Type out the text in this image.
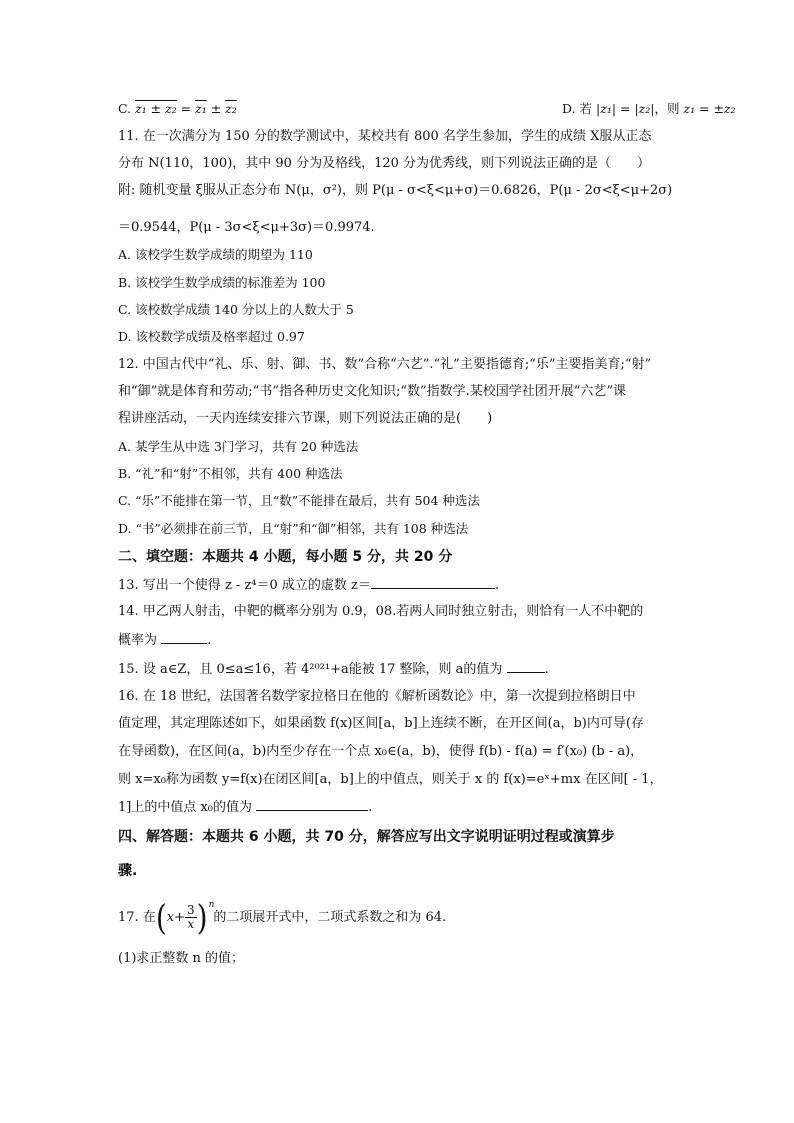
C. z₁ ± z₂ = z₁ ± z₂	D. 若 |z₁| = |z₂|，则 z₁ = ±z₂
11. 在一次满分为 150 分的数学测试中，某校共有 800 名学生参加，学生的成绩 X服从正态
分布 N(110，100)，其中 90 分为及格线，120 分为优秀线，则下列说法正确的是（　　）
附: 随机变量 ξ服从正态分布 N(μ，σ²)，则 P(μ - σ<ξ<μ+σ)＝0.6826，P(μ - 2σ<ξ<μ+2σ)
＝0.9544，P(μ - 3σ<ξ<μ+3σ)＝0.9974.
A. 该校学生数学成绩的期望为 110
B. 该校学生数学成绩的标准差为 100
C. 该校数学成绩 140 分以上的人数大于 5
D. 该校数学成绩及格率超过 0.97
12. 中国古代中“礼、乐、射、御、书、数”合称“六艺”.“礼”主要指德育;“乐”主要指美育;“射”
和“御”就是体育和劳动;“书”指各种历史文化知识;“数”指数学.某校国学社团开展“六艺”课
程讲座活动，一天内连续安排六节课，则下列说法正确的是(　　)
A. 某学生从中选 3门学习，共有 20 种选法
B. “礼”和“射”不相邻，共有 400 种选法
C. “乐”不能排在第一节，且“数”不能排在最后，共有 504 种选法
D. “书”必须排在前三节，且“射”和“御”相邻，共有 108 种选法
二、填空题：本题共 4 小题，每小题 5 分，共 20 分
13. 写出一个使得 z - z⁴＝0 成立的虚数 z＝	.
14. 甲乙两人射击，中靶的概率分别为 0.9，08.若两人同时独立射击，则恰有一人不中靶的
概率为	.
15. 设 a∈Z，且 0≤a≤16，若 4²⁰²¹+a能被 17 整除，则 a的值为	.
16. 在 18 世纪，法国著名数学家拉格日在他的《解析函数论》中，第一次提到拉格朗日中
值定理，其定理陈述如下，如果函数 f(x)区间[a，b]上连续不断，在开区间(a，b)内可导(存
在导函数)，在区间(a，b)内至少存在一个点 x₀∈(a，b)，使得 f(b) - f(a) = f′(x₀) (b - a)，
则 x=x₀称为函数 y=f(x)在闭区间[a，b]上的中值点，则关于 x 的 f(x)=eˣ+mx 在区间[ - 1，
1]上的中值点 x₀的值为	.
四、解答题：本题共 6 小题，共 70 分，解答应写出文字说明证明过程或演算步
骤.
17. 在$(x+ \frac{3}{x} )^n$的二项展开式中，二项式系数之和为 64.
(1)求正整数 n 的值；
